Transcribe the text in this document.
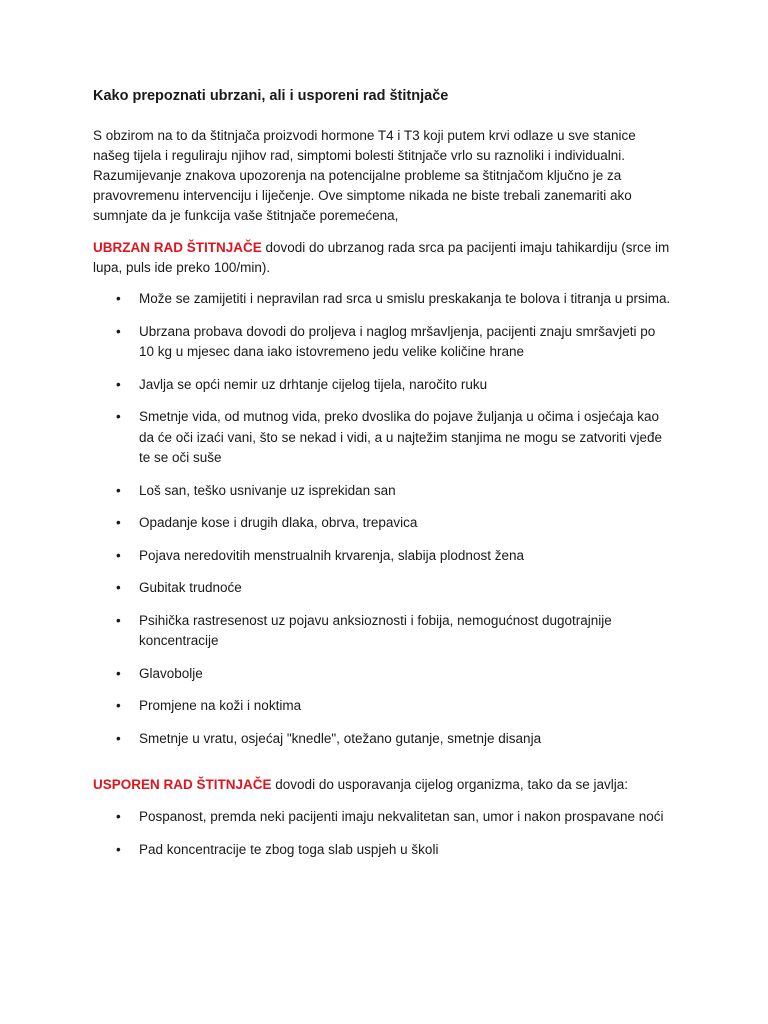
Kako prepoznati ubrzani, ali i usporeni rad štitnjače

S obzirom na to da štitnjača proizvodi hormone T4 i T3 koji putem krvi odlaze u sve stanice našeg tijela i reguliraju njihov rad, simptomi bolesti štitnjače vrlo su raznoliki i individualni. Razumijevanje znakova upozorenja na potencijalne probleme sa štitnjačom ključno je za pravovremenu intervenciju i liječenje. Ove simptome nikada ne biste trebali zanemariti ako sumnjate da je funkcija vaše štitnjače poremećena,

UBRZAN RAD ŠTITNJAČE dovodi do ubrzanog rada srca pa pacijenti imaju tahikardiju (srce im lupa, puls ide preko 100/min).

• Može se zamijetiti i nepravilan rad srca u smislu preskakanja te bolova i titranja u prsima.
• Ubrzana probava dovodi do proljeva i naglog mršavljenja, pacijenti znaju smršavjeti po 10 kg u mjesec dana iako istovremeno jedu velike količine hrane
• Javlja se opći nemir uz drhtanje cijelog tijela, naročito ruku
• Smetnje vida, od mutnog vida, preko dvoslika do pojave žuljanja u očima i osjećaja kao da će oči izaći vani, što se nekad i vidi, a u najtežim stanjima ne mogu se zatvoriti vjeđe te se oči suše
• Loš san, teško usnivanje uz isprekidan san
• Opadanje kose i drugih dlaka, obrva, trepavica
• Pojava neredovitih menstrualnih krvarenja, slabija plodnost žena
• Gubitak trudnoće
• Psihička rastresenost uz pojavu anksioznosti i fobija, nemogućnost dugotrajnije koncentracije
• Glavobolje
• Promjene na koži i noktima
• Smetnje u vratu, osjećaj "knedle", otežano gutanje, smetnje disanja

USPOREN RAD ŠTITNJAČE dovodi do usporavanja cijelog organizma, tako da se javlja:

• Pospanost, premda neki pacijenti imaju nekvalitetan san, umor i nakon prospavane noći
• Pad koncentracije te zbog toga slab uspjeh u školi
